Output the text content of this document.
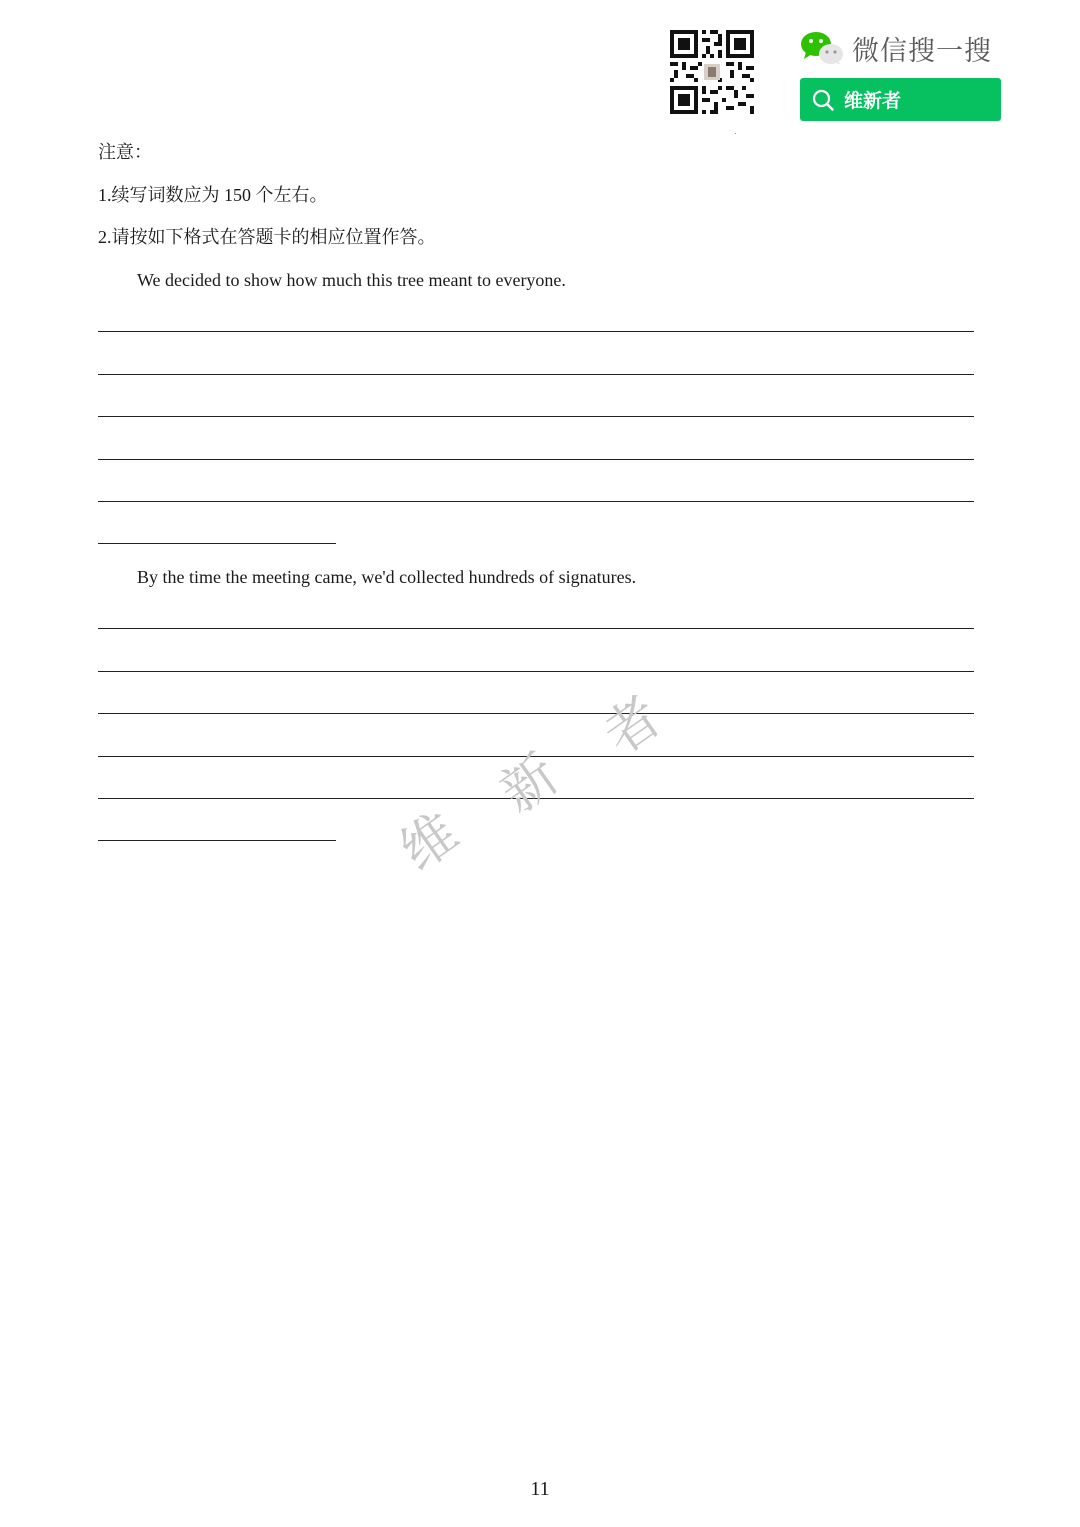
微信搜一搜
维新者
注意：
1.续写词数应为 150 个左右。
2.请按如下格式在答题卡的相应位置作答。
We decided to show how much this tree meant to everyone.
By the time the meeting came, we'd collected hundreds of signatures.
维
新
者
11
